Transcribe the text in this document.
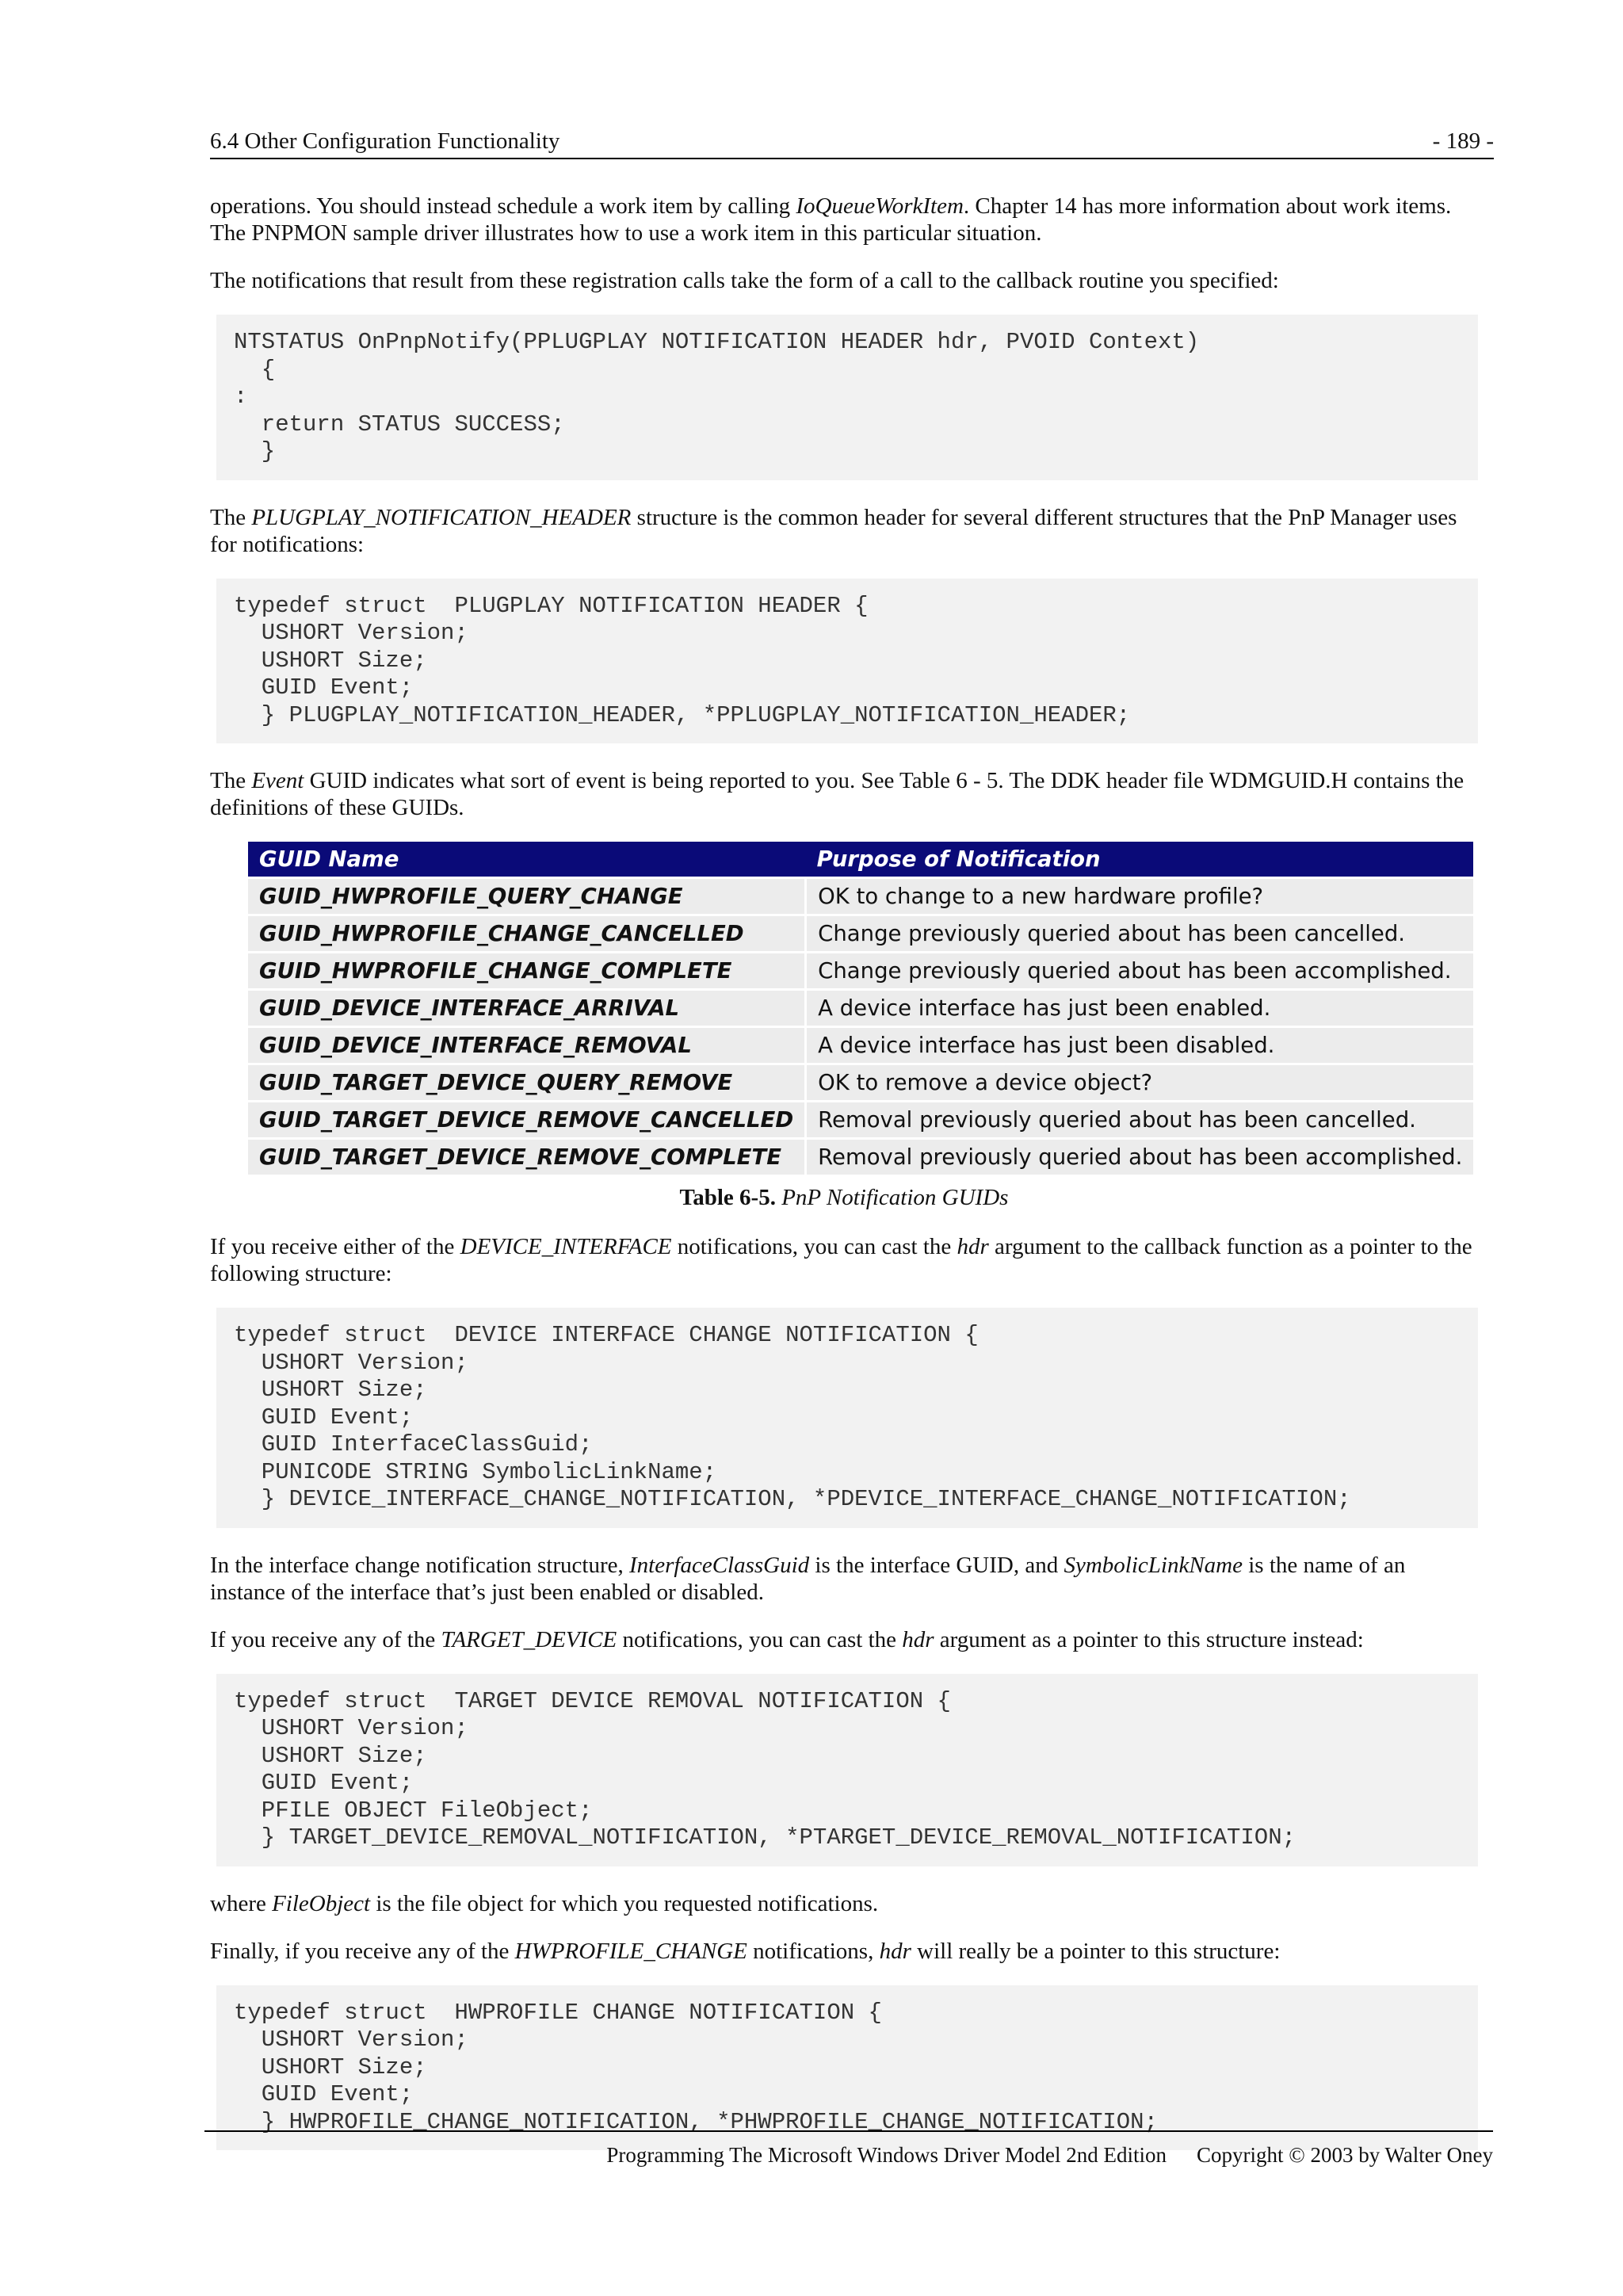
6.4 Other Configuration Functionality	- 189 -

operations. You should instead schedule a work item by calling IoQueueWorkItem. Chapter 14 has more information about work items. The PNPMON sample driver illustrates how to use a work item in this particular situation.

The notifications that result from these registration calls take the form of a call to the callback routine you specified:

NTSTATUS OnPnpNotify(PPLUGPLAY NOTIFICATION HEADER hdr, PVOID Context)
{
:
return STATUS SUCCESS;
}

The PLUGPLAY_NOTIFICATION_HEADER structure is the common header for several different structures that the PnP Manager uses for notifications:

typedef struct  PLUGPLAY NOTIFICATION HEADER {
USHORT Version;
USHORT Size;
GUID Event;
} PLUGPLAY_NOTIFICATION_HEADER, *PPLUGPLAY_NOTIFICATION_HEADER;

The Event GUID indicates what sort of event is being reported to you. See Table 6 - 5. The DDK header file WDMGUID.H contains the definitions of these GUIDs.

GUID Name	Purpose of Notification
GUID_HWPROFILE_QUERY_CHANGE	OK to change to a new hardware profile?
GUID_HWPROFILE_CHANGE_CANCELLED	Change previously queried about has been cancelled.
GUID_HWPROFILE_CHANGE_COMPLETE	Change previously queried about has been accomplished.
GUID_DEVICE_INTERFACE_ARRIVAL	A device interface has just been enabled.
GUID_DEVICE_INTERFACE_REMOVAL	A device interface has just been disabled.
GUID_TARGET_DEVICE_QUERY_REMOVE	OK to remove a device object?
GUID_TARGET_DEVICE_REMOVE_CANCELLED	Removal previously queried about has been cancelled.
GUID_TARGET_DEVICE_REMOVE_COMPLETE	Removal previously queried about has been accomplished.
Table 6-5. PnP Notification GUIDs

If you receive either of the DEVICE_INTERFACE notifications, you can cast the hdr argument to the callback function as a pointer to the following structure:

typedef struct  DEVICE INTERFACE CHANGE NOTIFICATION {
USHORT Version;
USHORT Size;
GUID Event;
GUID InterfaceClassGuid;
PUNICODE STRING SymbolicLinkName;
} DEVICE_INTERFACE_CHANGE_NOTIFICATION, *PDEVICE_INTERFACE_CHANGE_NOTIFICATION;

In the interface change notification structure, InterfaceClassGuid is the interface GUID, and SymbolicLinkName is the name of an instance of the interface that’s just been enabled or disabled.

If you receive any of the TARGET_DEVICE notifications, you can cast the hdr argument as a pointer to this structure instead:

typedef struct  TARGET DEVICE REMOVAL NOTIFICATION {
USHORT Version;
USHORT Size;
GUID Event;
PFILE OBJECT FileObject;
} TARGET_DEVICE_REMOVAL_NOTIFICATION, *PTARGET_DEVICE_REMOVAL_NOTIFICATION;

where FileObject is the file object for which you requested notifications.

Finally, if you receive any of the HWPROFILE_CHANGE notifications, hdr will really be a pointer to this structure:

typedef struct  HWPROFILE CHANGE NOTIFICATION {
USHORT Version;
USHORT Size;
GUID Event;
} HWPROFILE_CHANGE_NOTIFICATION, *PHWPROFILE_CHANGE_NOTIFICATION;
Programming The Microsoft Windows Driver Model 2nd Edition Copyright © 2003 by Walter Oney
